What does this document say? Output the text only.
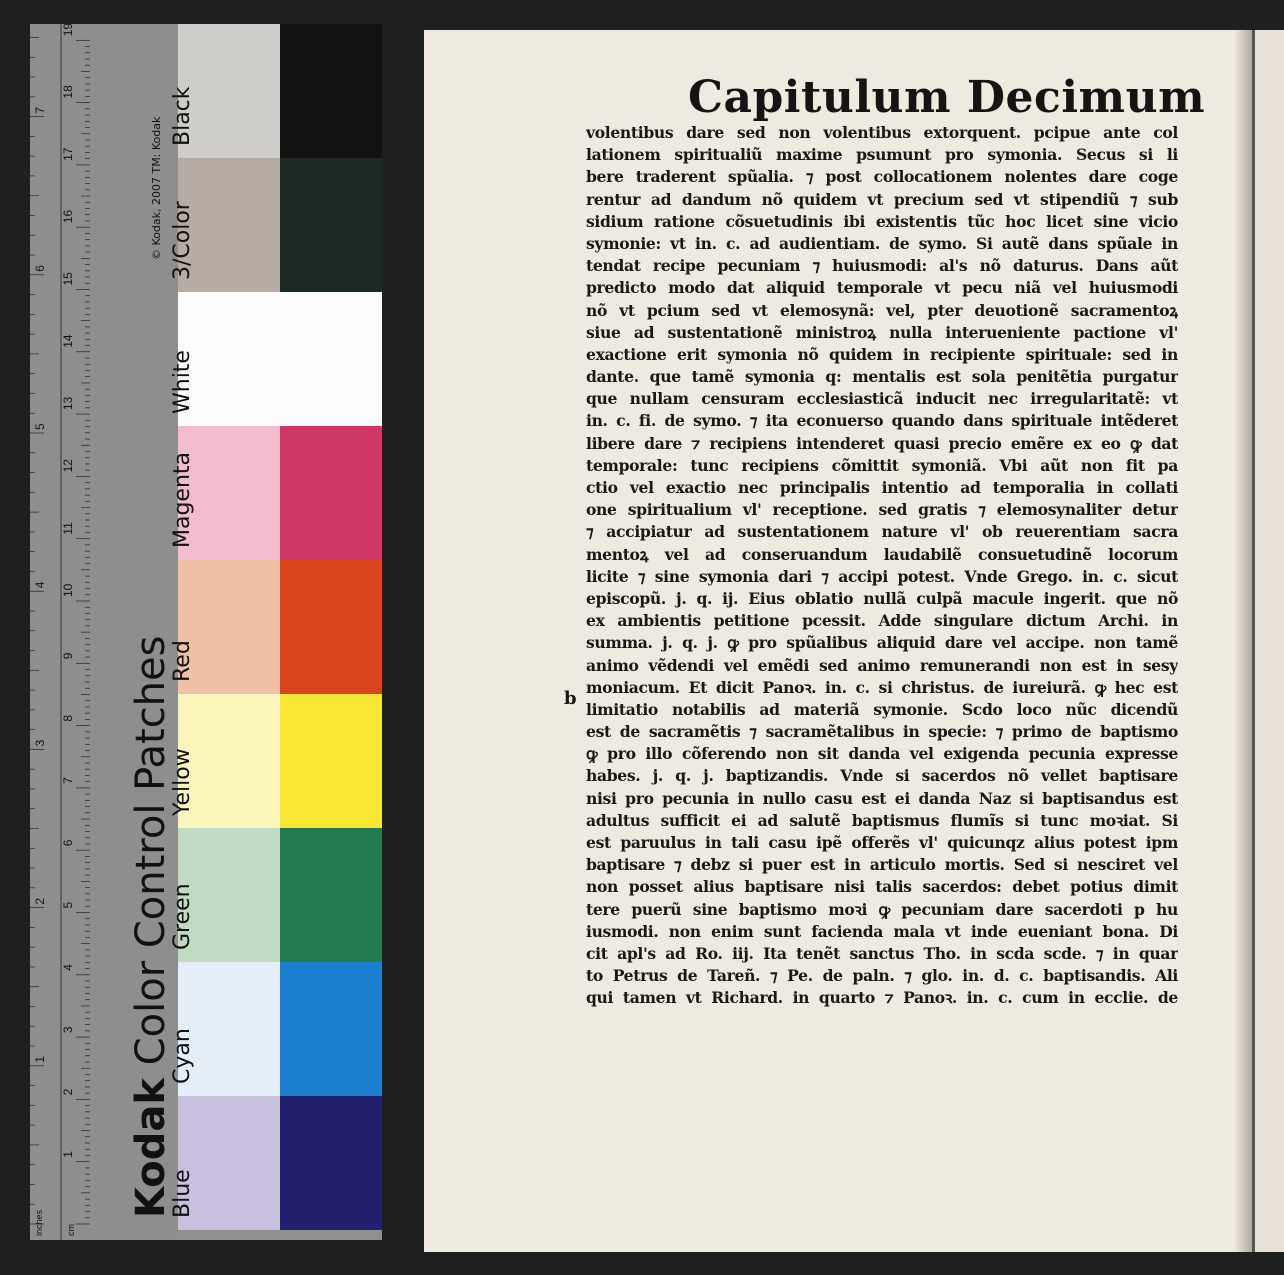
1
2
3
4
5
6
7
8
9
10
11
12
13
14
15
16
17
18
19
1
2
3
4
5
6
7
inches cm
© Kodak, 2007 TM: Kodak
Kodak Color Control Patches
Black
3/Color
White
Magenta
Red
Yellow
Green
Cyan
Blue
Capitulum Decimum
b
volentibus dare sed non volentibus extorquent. pcipue ante col
lationem spiritualiũ maxime psumunt pro symonia. Secus si li
bere traderent spũalia. ⁊ post collocationem nolentes dare coge
rentur ad dandum nõ quidem vt precium sed vt stipendiũ ⁊ sub
sidium ratione cõsuetudinis ibi existentis tũc hoc licet sine vicio
symonie: vt in. c. ad audientiam. de symo. Si autẽ dans spũale in
tendat recipe pecuniam ⁊ huiusmodi: al's nõ daturus. Dans aũt
predicto modo dat aliquid temporale vt pecu niã vel huiusmodi
nõ vt pcium sed vt elemosynã: vel, pter deuotionẽ sacramentoꝝ
siue ad sustentationẽ ministroꝝ nulla interueniente pactione vl'
exactione erit symonia nõ quidem in recipiente spirituale: sed in
dante. que tamẽ symonia q: mentalis est sola penitẽtia purgatur
que nullam censuram ecclesiasticã inducit nec irregularitatẽ: vt
in. c. fi. de symo. ⁊ ita econuerso quando dans spirituale intẽderet
libere dare ⁊ recipiens intenderet quasi precio emẽre ex eo ꝙ dat
temporale: tunc recipiens cõmittit symoniã. Vbi aũt non fit pa
ctio vel exactio nec principalis intentio ad temporalia in collati
one spiritualium vl' receptione. sed gratis ⁊ elemosynaliter detur
⁊ accipiatur ad sustentationem nature vl' ob reuerentiam sacra
mentoꝝ vel ad conseruandum laudabilẽ consuetudinẽ locorum
licite ⁊ sine symonia dari ⁊ accipi potest. Vnde Grego. in. c. sicut
episcopũ. j. q. ij. Eius oblatio nullã culpã macule ingerit. que nõ
ex ambientis petitione pcessit. Adde singulare dictum Archi. in
summa. j. q. j. ꝙ pro spũalibus aliquid dare vel accipe. non tamẽ
animo vẽdendi vel emẽdi sed animo remunerandi non est in sesy
moniacum. Et dicit Panoꝛ. in. c. si christus. de iureiurã. ꝙ hec est
limitatio notabilis ad materiã symonie. Scdo loco nũc dicendũ
est de sacramẽtis ⁊ sacramẽtalibus in specie: ⁊ primo de baptismo
ꝙ pro illo cõferendo non sit danda vel exigenda pecunia expresse
habes. j. q. j. baptizandis. Vnde si sacerdos nõ vellet baptisare
nisi pro pecunia in nullo casu est ei danda Naz si baptisandus est
adultus sufficit ei ad salutẽ baptismus flumĩs si tunc moꝛiat. Si
est paruulus in tali casu ipẽ offerẽs vl' quicunqz alius potest ipm
baptisare ⁊ debz si puer est in articulo mortis. Sed si nesciret vel
non posset alius baptisare nisi talis sacerdos: debet potius dimit
tere puerũ sine baptismo moꝛi ꝙ pecuniam dare sacerdoti p hu
iusmodi. non enim sunt facienda mala vt inde eueniant bona. Di
cit apl's ad Ro. iij. Ita tenẽt sanctus Tho. in scda scde. ⁊ in quar
to Petrus de Tareñ. ⁊ Pe. de paln. ⁊ glo. in. d. c. baptisandis. Ali
qui tamen vt Richard. in quarto ⁊ Panoꝛ. in. c. cum in ecclie. de
